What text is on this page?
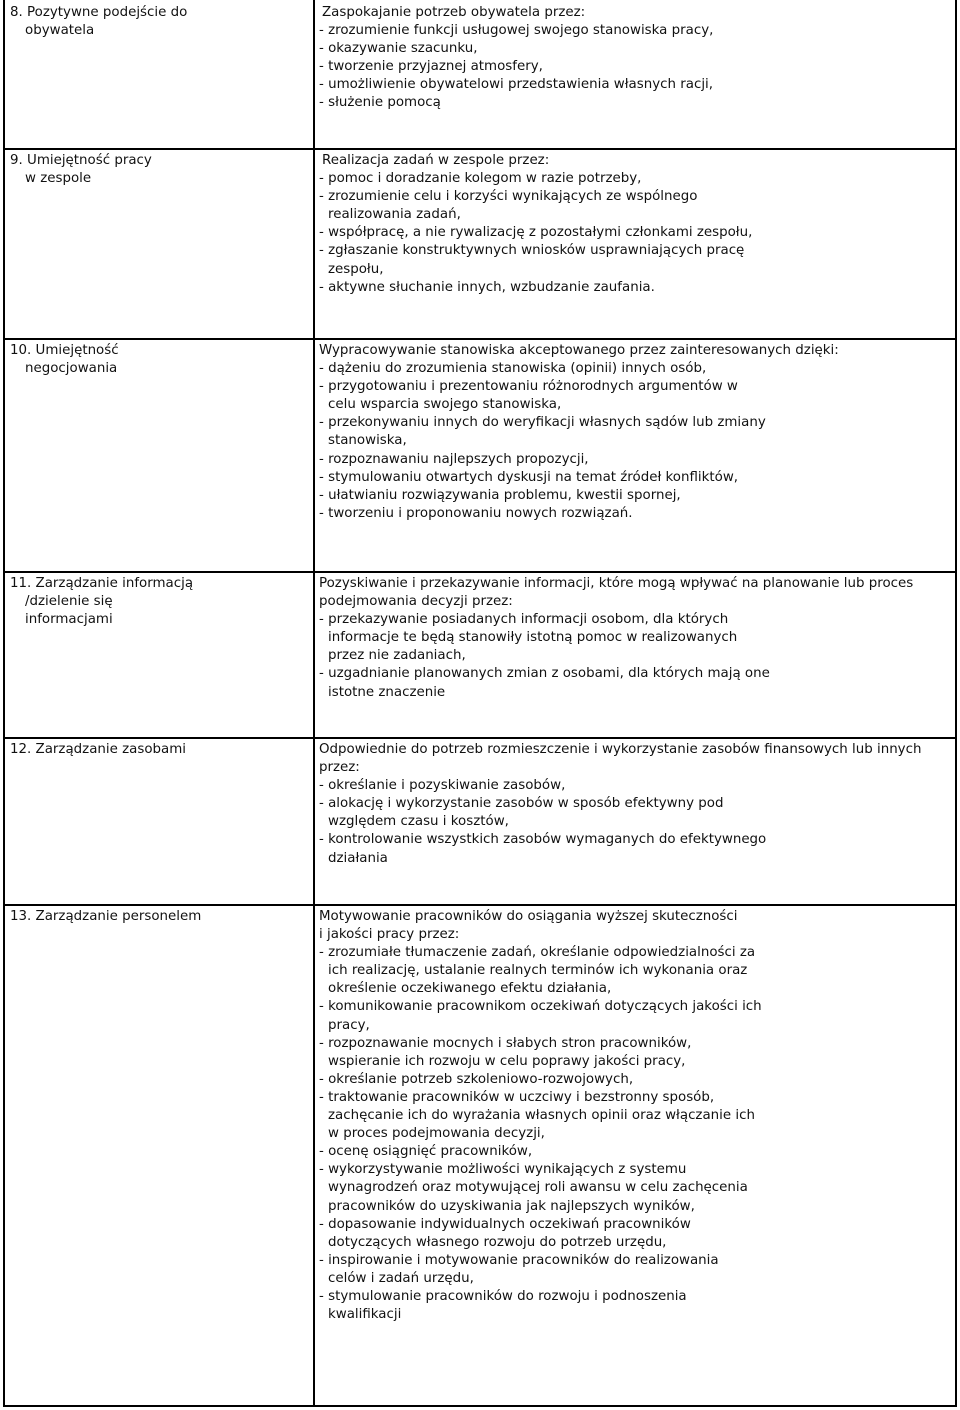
8. Pozytywne podejście do
obywatela
Zaspokajanie potrzeb obywatela przez:
- zrozumienie funkcji usługowej swojego stanowiska pracy,
- okazywanie szacunku,
- tworzenie przyjaznej atmosfery,
- umożliwienie obywatelowi przedstawienia własnych racji,
- służenie pomocą
9. Umiejętność pracy
w zespole
Realizacja zadań w zespole przez:
- pomoc i doradzanie kolegom w razie potrzeby,
- zrozumienie celu i korzyści wynikających ze wspólnego
realizowania zadań,
- współpracę, a nie rywalizację z pozostałymi członkami zespołu,
- zgłaszanie konstruktywnych wniosków usprawniających pracę
zespołu,
- aktywne słuchanie innych, wzbudzanie zaufania.
10. Umiejętność
negocjowania
Wypracowywanie stanowiska akceptowanego przez zainteresowanych dzięki:
- dążeniu do zrozumienia stanowiska (opinii) innych osób,
- przygotowaniu i prezentowaniu różnorodnych argumentów w
celu wsparcia swojego stanowiska,
- przekonywaniu innych do weryfikacji własnych sądów lub zmiany
stanowiska,
- rozpoznawaniu najlepszych propozycji,
- stymulowaniu otwartych dyskusji na temat źródeł konfliktów,
- ułatwianiu rozwiązywania problemu, kwestii spornej,
- tworzeniu i proponowaniu nowych rozwiązań.
11. Zarządzanie informacją
/dzielenie się
informacjami
Pozyskiwanie i przekazywanie informacji, które mogą wpływać na planowanie lub proces
podejmowania decyzji przez:
- przekazywanie posiadanych informacji osobom, dla których
informacje te będą stanowiły istotną pomoc w realizowanych
przez nie zadaniach,
- uzgadnianie planowanych zmian z osobami, dla których mają one
istotne znaczenie
12. Zarządzanie zasobami	Odpowiednie do potrzeb rozmieszczenie i wykorzystanie zasobów finansowych lub innych
przez:
- określanie i pozyskiwanie zasobów,
- alokację i wykorzystanie zasobów w sposób efektywny pod
względem czasu i kosztów,
- kontrolowanie wszystkich zasobów wymaganych do efektywnego
działania
13. Zarządzanie personelem	Motywowanie pracowników do osiągania wyższej skuteczności
i jakości pracy przez:
- zrozumiałe tłumaczenie zadań, określanie odpowiedzialności za
ich realizację, ustalanie realnych terminów ich wykonania oraz
określenie oczekiwanego efektu działania,
- komunikowanie pracownikom oczekiwań dotyczących jakości ich
pracy,
- rozpoznawanie mocnych i słabych stron pracowników,
wspieranie ich rozwoju w celu poprawy jakości pracy,
- określanie potrzeb szkoleniowo-rozwojowych,
- traktowanie pracowników w uczciwy i bezstronny sposób,
zachęcanie ich do wyrażania własnych opinii oraz włączanie ich
w proces podejmowania decyzji,
- ocenę osiągnięć pracowników,
- wykorzystywanie możliwości wynikających z systemu
wynagrodzeń oraz motywującej roli awansu w celu zachęcenia
pracowników do uzyskiwania jak najlepszych wyników,
- dopasowanie indywidualnych oczekiwań pracowników
dotyczących własnego rozwoju do potrzeb urzędu,
- inspirowanie i motywowanie pracowników do realizowania
celów i zadań urzędu,
- stymulowanie pracowników do rozwoju i podnoszenia
kwalifikacji
